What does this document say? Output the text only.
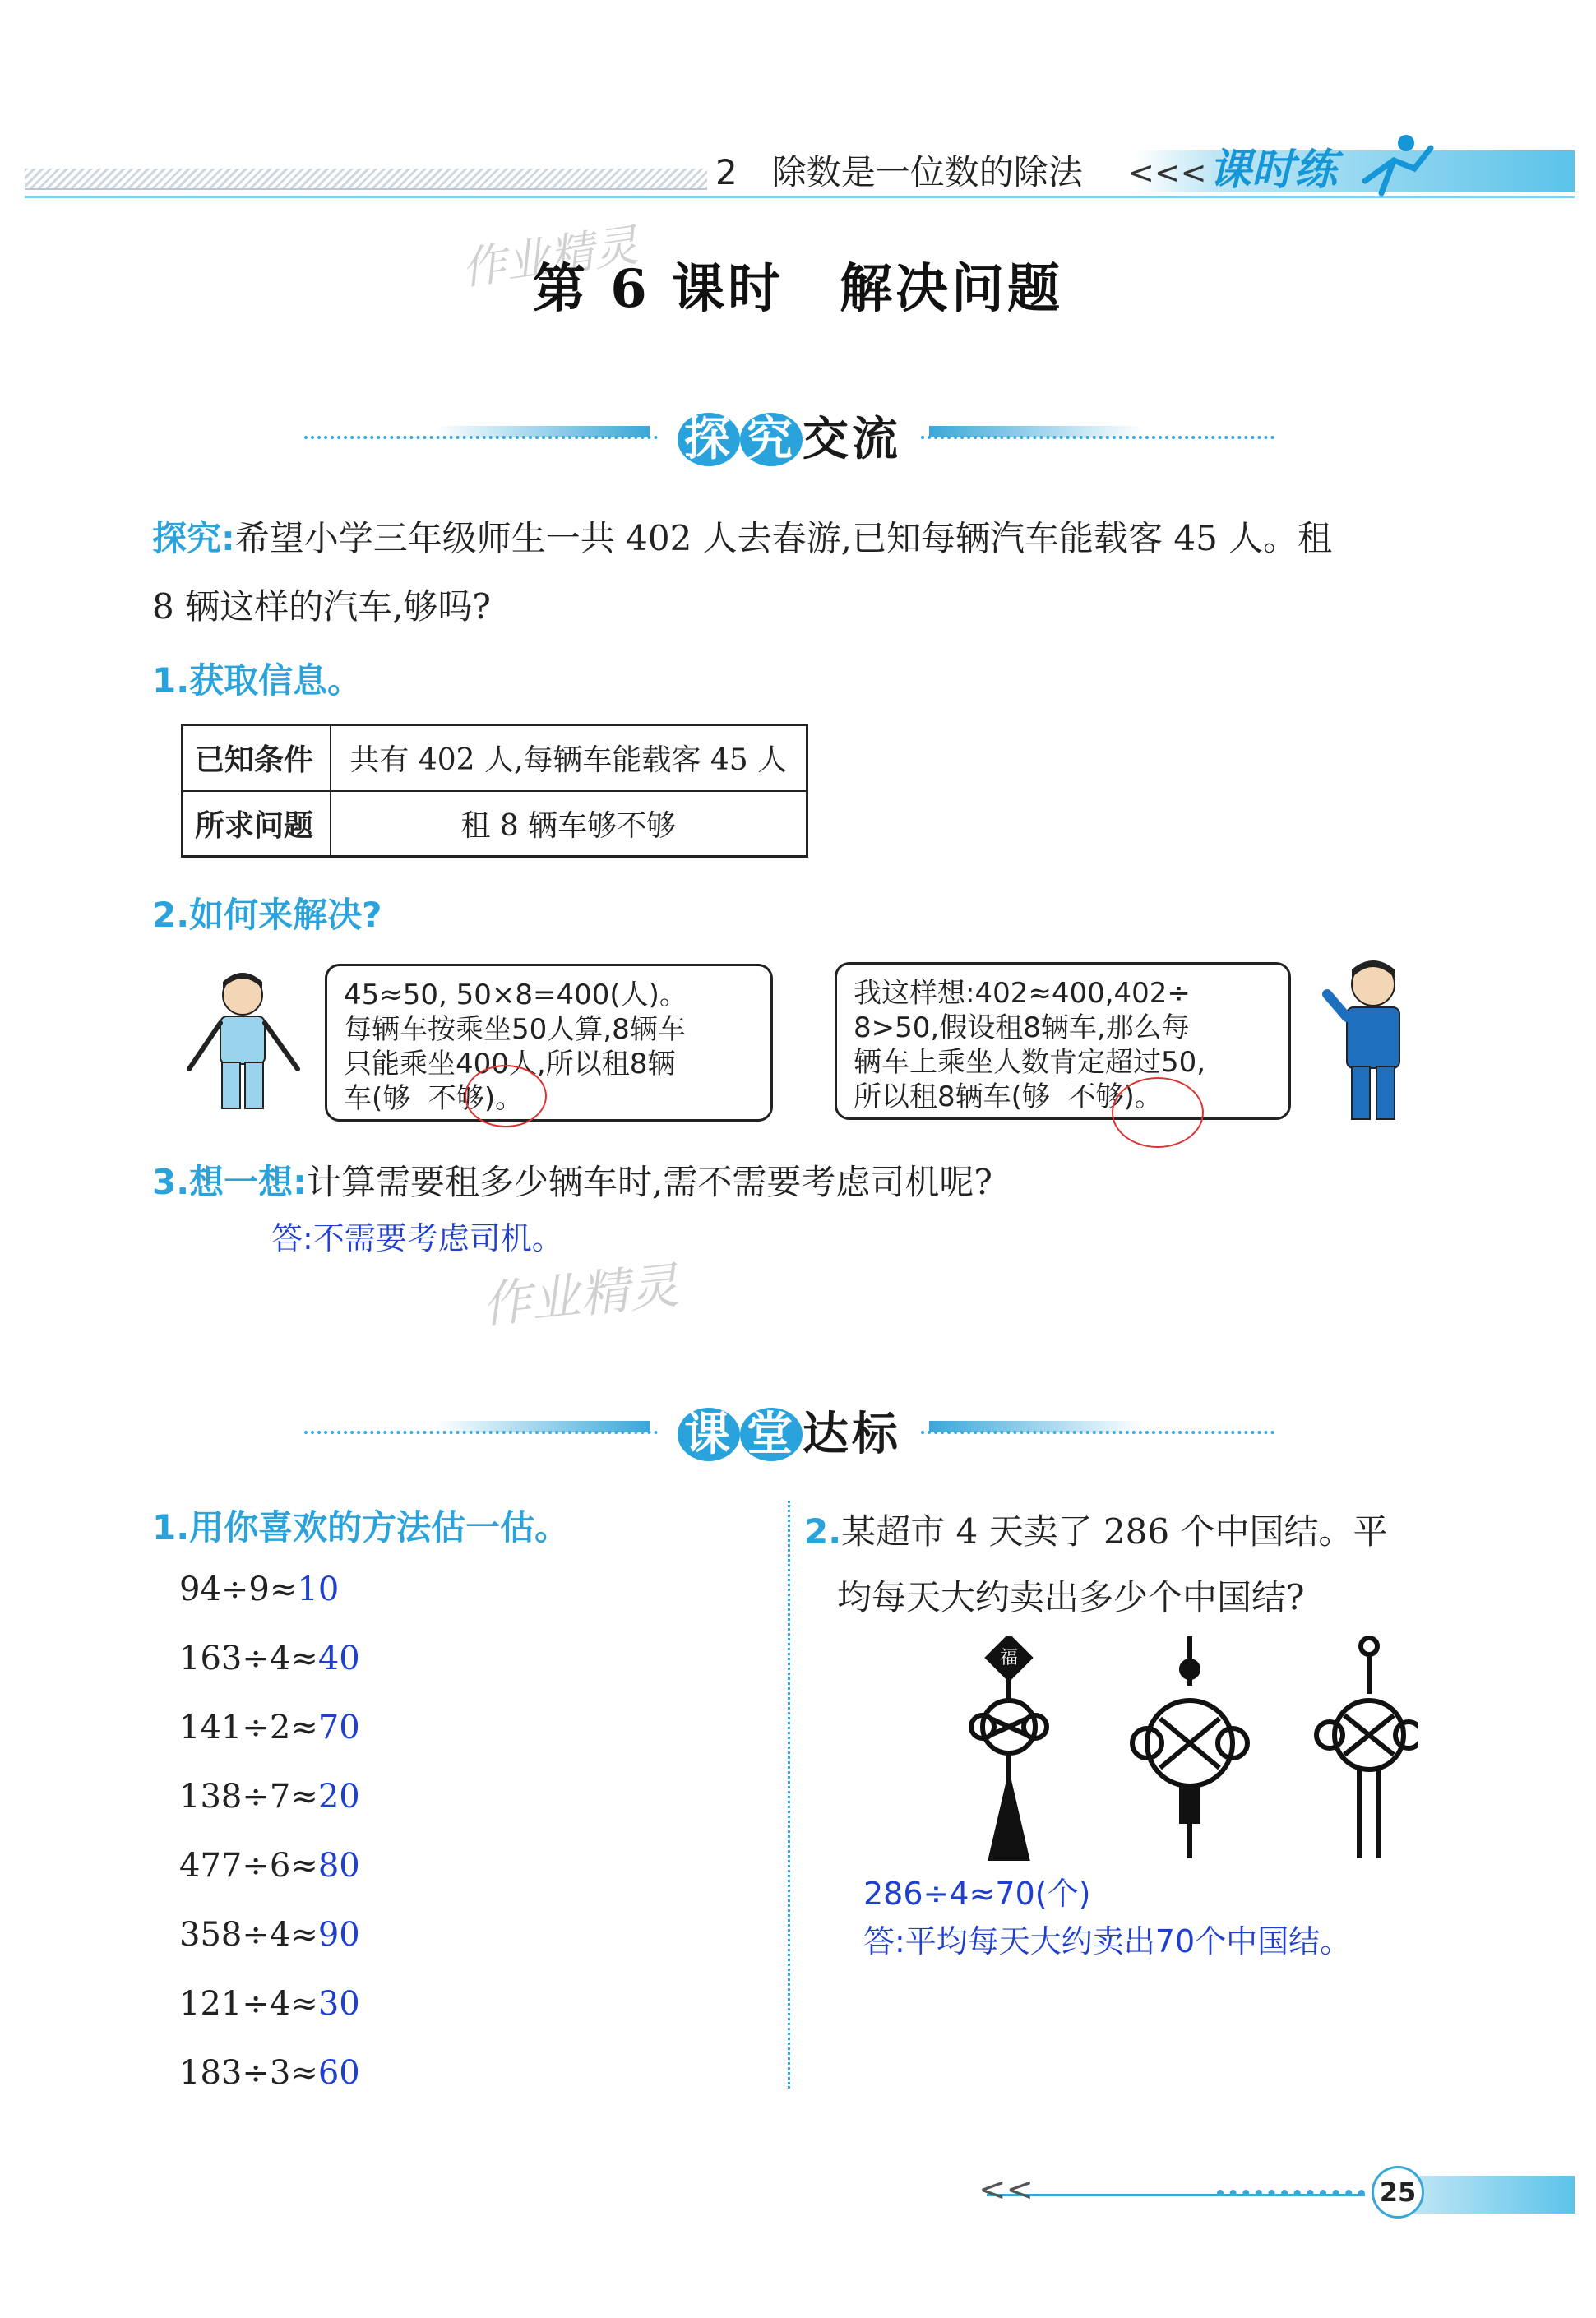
2　除数是一位数的除法 <<< 课时练
作业精灵
第 6 课时　解决问题
探 究 交流
探究:希望小学三年级师生一共 402 人去春游,已知每辆汽车能载客 45 人。租
8 辆这样的汽车,够吗?
1.获取信息。
已知条件	共有 402 人,每辆车能载客 45 人
所求问题	租 8 辆车够不够
2.如何来解决?
45≈50, 50×8=400(人)。
每辆车按乘坐50人算,8辆车
只能乘坐400人,所以租8辆
车(够 不够)。
我这样想:402≈400,402÷
8>50,假设租8辆车,那么每
辆车上乘坐人数肯定超过50,
所以租8辆车(够 不够)。
3.想一想:计算需要租多少辆车时,需不需要考虑司机呢?
答:不需要考虑司机。
作业精灵
课 堂 达标
1.用你喜欢的方法估一估。
94÷9≈10
163÷4≈40
141÷2≈70
138÷7≈20
477÷6≈80
358÷4≈90
121÷4≈30
183÷3≈60
2.某超市 4 天卖了 286 个中国结。平
均每天大约卖出多少个中国结?
福
286÷4≈70(个)
答:平均每天大约卖出70个中国结。
<<	25
